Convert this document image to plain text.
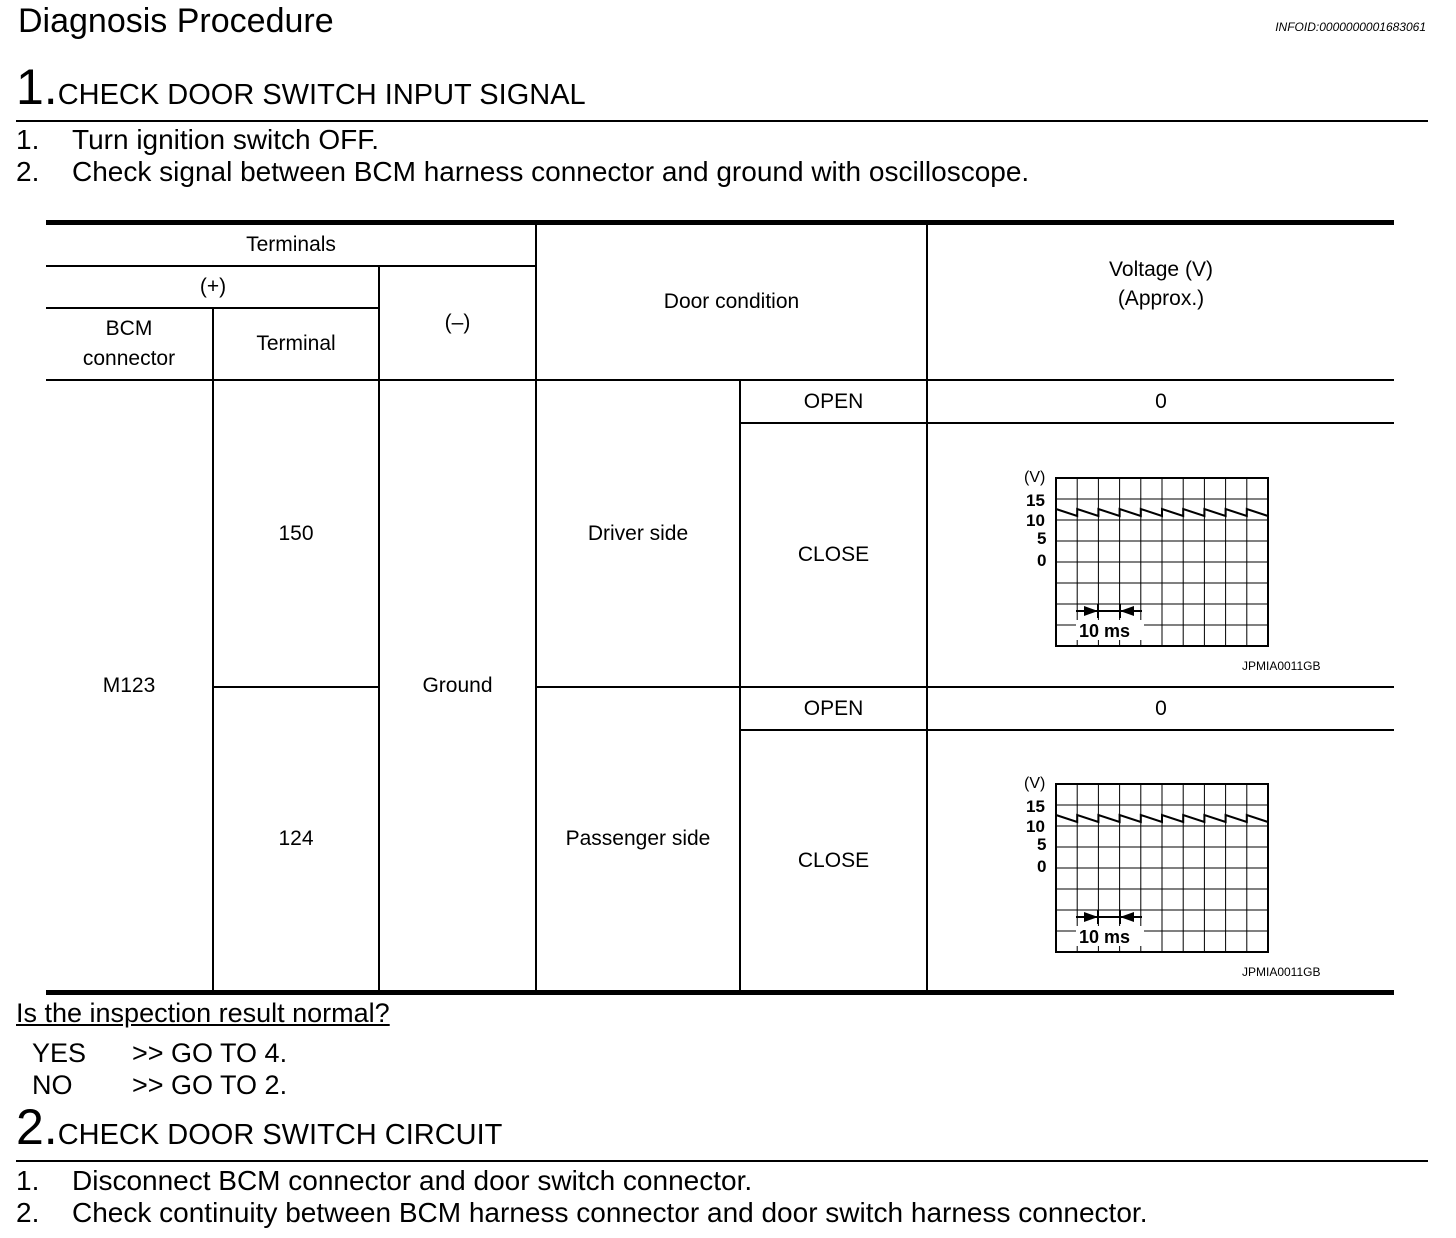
Diagnosis Procedure	INFOID:0000000001683061
1.CHECK DOOR SWITCH INPUT SIGNAL
1. Turn ignition switch OFF.
2. Check signal between BCM harness connector and ground with oscilloscope.
Terminals
(+)
BCM connector
Terminal
(–)
Door condition
Voltage (V)
(Approx.)
M123
150
124
Ground
Driver side
Passenger side
OPEN
CLOSE
OPEN
CLOSE
0
0
(V)
15
10
5
0
10 ms
JPMIA0011GB
(V)
15
10
5
0
10 ms
JPMIA0011GB
Is the inspection result normal?
YES >> GO TO 4.
NO >> GO TO 2.
2.CHECK DOOR SWITCH CIRCUIT
1. Disconnect BCM connector and door switch connector.
2. Check continuity between BCM harness connector and door switch harness connector.
